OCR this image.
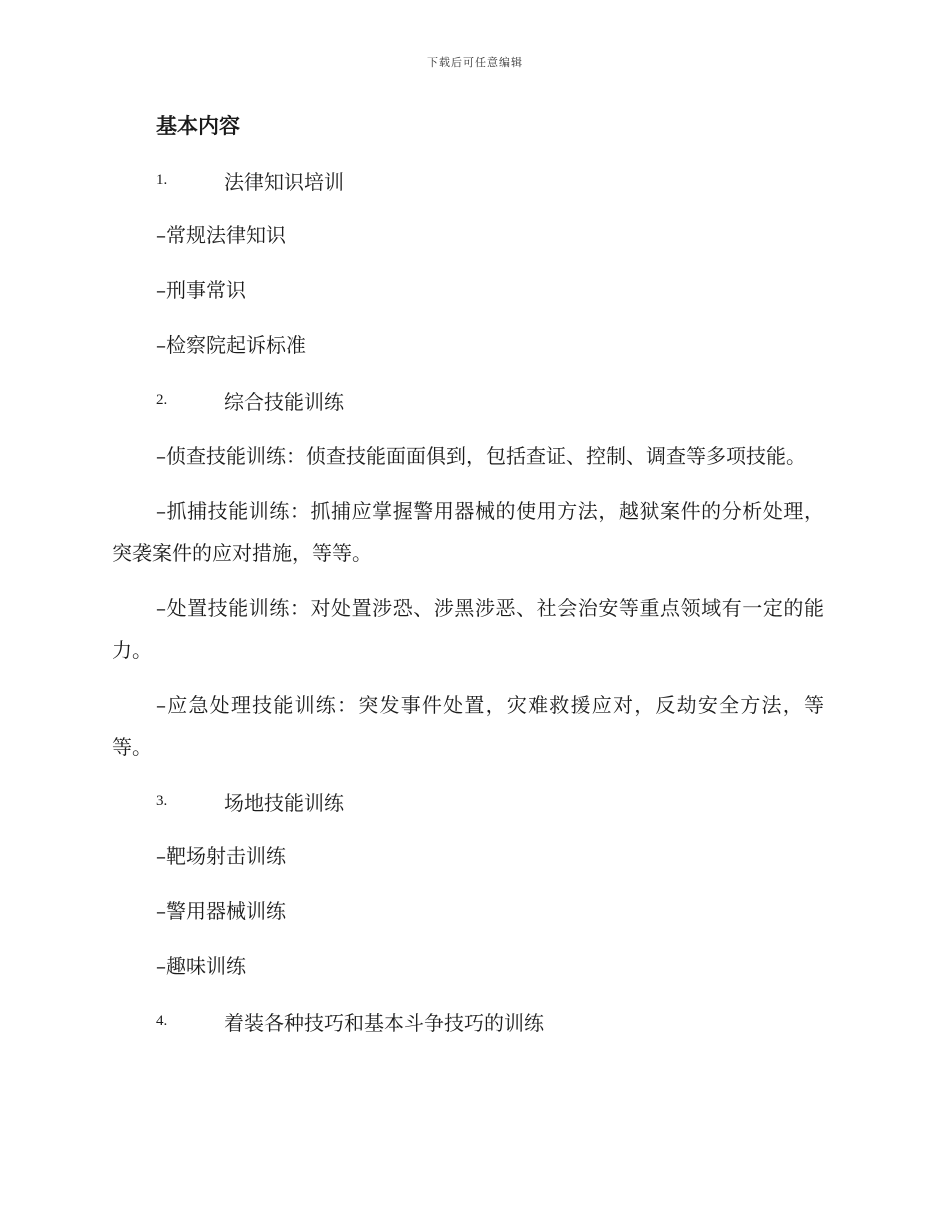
下载后可任意编辑
基本内容
1.	法律知识培训
–常规法律知识
–刑事常识
–检察院起诉标准
2.	综合技能训练
–侦查技能训练：侦查技能面面俱到，包括查证、控制、调查等多项技能。
–抓捕技能训练：抓捕应掌握警用器械的使用方法，越狱案件的分析处理，突袭案件的应对措施，等等。
–处置技能训练：对处置涉恐、涉黑涉恶、社会治安等重点领域有一定的能力。
–应急处理技能训练：突发事件处置，灾难救援应对，反劫安全方法，等等。
3.	场地技能训练
–靶场射击训练
–警用器械训练
–趣味训练
4.	着装各种技巧和基本斗争技巧的训练
